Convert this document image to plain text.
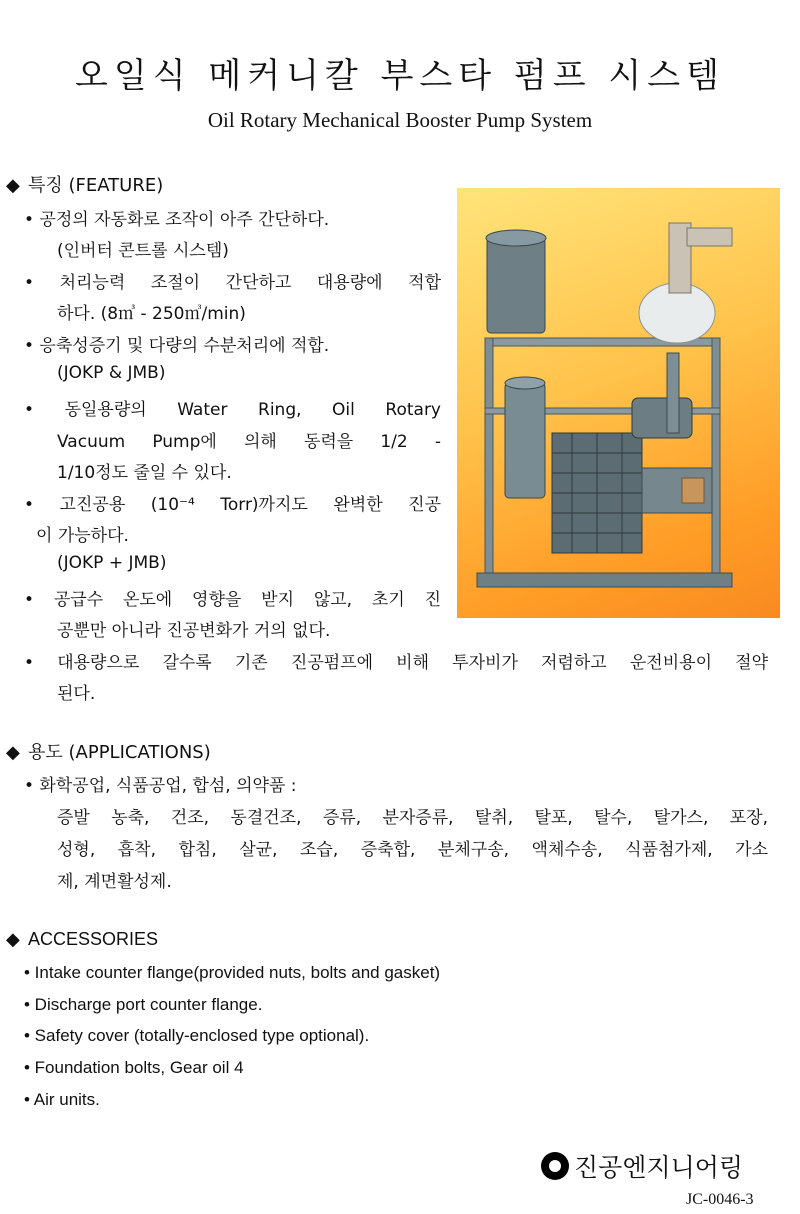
오일식 메커니칼 부스타 펌프 시스템
Oil Rotary Mechanical Booster Pump System
◆ 특징 (FEATURE)
• 공정의 자동화로 조작이 아주 간단하다.
(인버터 콘트롤 시스템)
• 처리능력 조절이 간단하고 대용량에 적합
하다. (8㎥ - 250㎥/min)
• 응축성증기 및 다량의 수분처리에 적합.
(JOKP & JMB)
• 동일용량의 Water Ring, Oil Rotary
Vacuum Pump에 의해 동력을 1/2 -
1/10정도 줄일 수 있다.
• 고진공용 (10⁻⁴ Torr)까지도 완벽한 진공
이 가능하다.
(JOKP + JMB)
• 공급수 온도에 영향을 받지 않고, 초기 진
공뿐만 아니라 진공변화가 거의 없다.
• 대용량으로 갈수록 기존 진공펌프에 비해 투자비가 저렴하고 운전비용이 절약
된다.
◆ 용도 (APPLICATIONS)
• 화학공업, 식품공업, 합섬, 의약품 :
증발 농축, 건조, 동결건조, 증류, 분자증류, 탈취, 탈포, 탈수, 탈가스, 포장,
성형, 흡착, 합침, 살균, 조습, 증축합, 분체구송, 액체수송, 식품첨가제, 가소
제, 계면활성제.
◆ ACCESSORIES
• Intake counter flange(provided nuts, bolts and gasket)
• Discharge port counter flange.
• Safety cover (totally-enclosed type optional).
• Foundation bolts, Gear oil 4
• Air units.
진공엔지니어링
JC-0046-3
